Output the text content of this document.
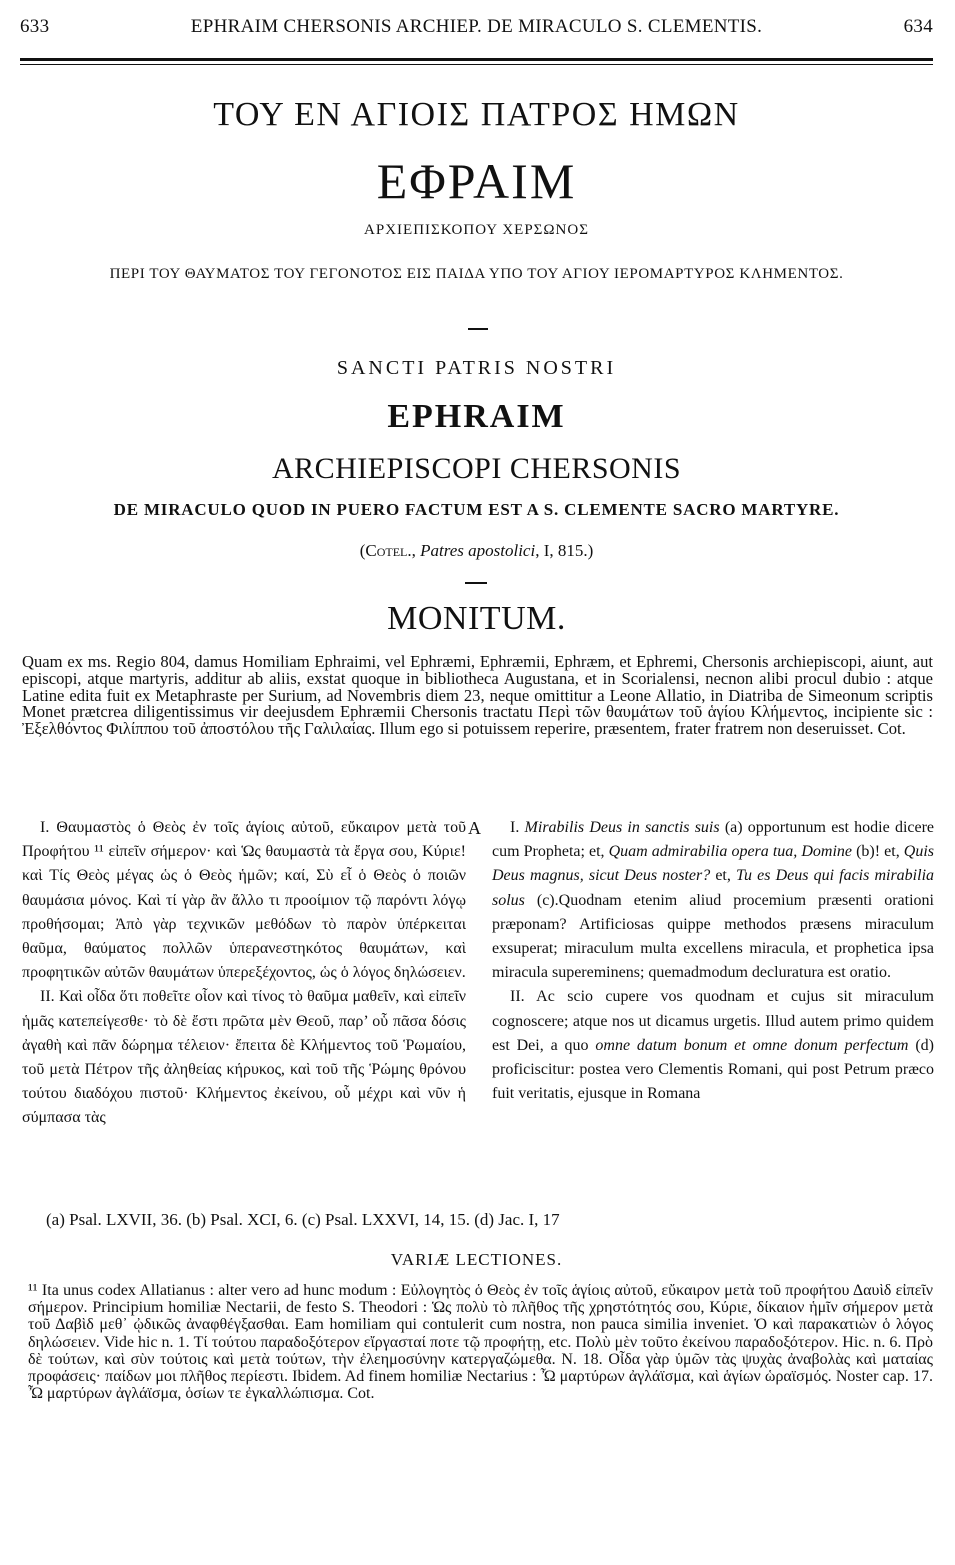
633	EPHRAIM CHERSONIS ARCHIEP. DE MIRACULO S. CLEMENTIS.	634
ΤΟΥ ΕΝ ΑΓΙΟΙΣ ΠΑΤΡΟΣ ΗΜΩΝ
ΕΦΡΑΙΜ
ΑΡΧΙΕΠΙΣΚΟΠΟΥ ΧΕΡΣΩΝΟΣ
ΠΕΡΙ ΤΟΥ ΘΑΥΜΑΤΟΣ ΤΟΥ ΓΕΓΟΝΟΤΟΣ ΕΙΣ ΠΑΙΔΑ ΥΠΟ ΤΟΥ ΑΓΙΟΥ ΙΕΡΟΜΑΡΤΥΡΟΣ ΚΛΗΜΕΝΤΟΣ.
SANCTI PATRIS NOSTRI
EPHRAIM
ARCHIEPISCOPI CHERSONIS
DE MIRACULO QUOD IN PUERO FACTUM EST A S. CLEMENTE SACRO MARTYRE.
(Cotel., Patres apostolici, I, 815.)
MONITUM.
Quam ex ms. Regio 804, damus Homiliam Ephraimi, vel Ephræmi, Ephræmii, Ephræm, et Ephremi, Chersonis archiepiscopi, aiunt, aut episcopi, atque martyris, additur ab aliis, exstat quoque in bibliotheca Augustana, et in Scorialensi, necnon alibi procul dubio : atque Latine edita fuit ex Metaphraste per Surium, ad Novembris diem 23, neque omittitur a Leone Allatio, in Diatriba de Simeonum scriptis Monet prætcrea diligentissimus vir deejusdem Ephræmii Chersonis tractatu Περὶ τῶν θαυμάτων τοῦ ἁγίου Κλήμεντος, incipiente sic : Ἐξελθόντος Φιλίππου τοῦ ἀποστόλου τῆς Γαλιλαίας. Illum ego si potuissem reperire, præsentem, frater fratrem non deseruisset. Cot.

I. Θαυμαστὸς ὁ Θεὸς ἐν τοῖς ἁγίοις αὐτοῦ, εὔκαιρον μετὰ τοῦ Προφήτου ¹¹ εἰπεῖν σήμερον· καὶ Ὡς θαυμαστὰ τὰ ἔργα σου, Κύριε! καὶ Τίς Θεὸς μέγας ὡς ὁ Θεὸς ἡμῶν; καί, Σὺ εἶ ὁ Θεὸς ὁ ποιῶν θαυμάσια μόνος. Καὶ τί γὰρ ἂν ἄλλο τι προοίμιον τῷ παρόντι λόγῳ προθήσομαι; Ἀπὸ γὰρ τεχνικῶν μεθόδων τὸ παρὸν ὑπέρκειται θαῦμα, θαύματος πολλῶν ὑπερανεστηκότος θαυμάτων, καὶ προφητικῶν αὐτῶν θαυμάτων ὑπερεξέχοντος, ὡς ὁ λόγος δηλώσειεν.

II. Καὶ οἶδα ὅτι ποθεῖτε οἷον καὶ τίνος τὸ θαῦμα μαθεῖν, καὶ εἰπεῖν ἡμᾶς κατεπείγεσθε· τὸ δὲ ἔστι πρῶτα μὲν Θεοῦ, παρ’ οὗ πᾶσα δόσις ἀγαθὴ καὶ πᾶν δώρημα τέλειον· ἔπειτα δὲ Κλήμεντος τοῦ Ῥωμαίου, τοῦ μετὰ Πέτρον τῆς ἀληθείας κήρυκος, καὶ τοῦ τῆς Ῥώμης θρόνου τούτου διαδόχου πιστοῦ· Κλήμεντος ἐκείνου, οὗ μέχρι καὶ νῦν ἡ σύμπασα τὰς

A	I. Mirabilis Deus in sanctis suis (a) opportunum est hodie dicere cum Propheta; et, Quam admirabilia opera tua, Domine (b)! et, Quis Deus magnus, sicut Deus noster? et, Tu es Deus qui facis mirabilia solus (c).Quodnam etenim aliud procemium præsenti orationi præponam? Artificiosas quippe methodos præsens miraculum exsuperat; miraculum multa excellens miracula, et prophetica ipsa miracula supereminens; quemadmodum decluratura est oratio.

II. Ac scio cupere vos quodnam et cujus sit miraculum cognoscere; atque nos ut dicamus urgetis. Illud autem primo quidem est Dei, a quo omne datum bonum et omne donum perfectum (d) proficiscitur: postea vero Clementis Romani, qui post Petrum præco fuit veritatis, ejusque in Romana

(a) Psal. LXVII, 36. (b) Psal. XCI, 6. (c) Psal. LXXVI, 14, 15. (d) Jac. I, 17
VARIÆ LECTIONES.
¹¹ Ita unus codex Allatianus : alter vero ad hunc modum : Εὐλογητὸς ὁ Θεὸς ἐν τοῖς ἁγίοις αὐτοῦ, εὔκαιρον μετὰ τοῦ προφήτου Δαυὶδ εἰπεῖν σήμερον. Principium homiliæ Nectarii, de festo S. Theodori : Ὡς πολὺ τὸ πλῆθος τῆς χρηστότητός σου, Κύριε, δίκαιον ἡμῖν σήμερον μετὰ τοῦ Δαβὶδ μεθ᾽ ᾠδικῶς ἀναφθέγξασθαι. Eam homiliam qui contulerit cum nostra, non pauca similia inveniet. Ὁ καὶ παρακατιὼν ὁ λόγος δηλώσειεν. Vide hic n. 1. Τί τούτου παραδοξότερον εἴργασταί ποτε τῷ προφήτῃ, etc. Πολὺ μὲν τοῦτο ἐκείνου παραδοξότερον. Hic. n. 6. Πρὸ δὲ τούτων, καὶ σὺν τούτοις καὶ μετὰ τούτων, τὴν ἐλεημοσύνην κατεργαζώμεθα. N. 18. Οἶδα γὰρ ὑμῶν τὰς ψυχὰς ἀναβολὰς καὶ ματαίας προφάσεις· παίδων μοι πλῆθος περίεστι. Ibidem. Ad finem homiliæ Nectarius : Ὦ μαρτύρων ἀγλάϊσμα, καὶ ἁγίων ὡραϊσμός. Noster cap. 17. Ὦ μαρτύρων ἀγλάϊσμα, ὁσίων τε ἐγκαλλώπισμα. Cot.
